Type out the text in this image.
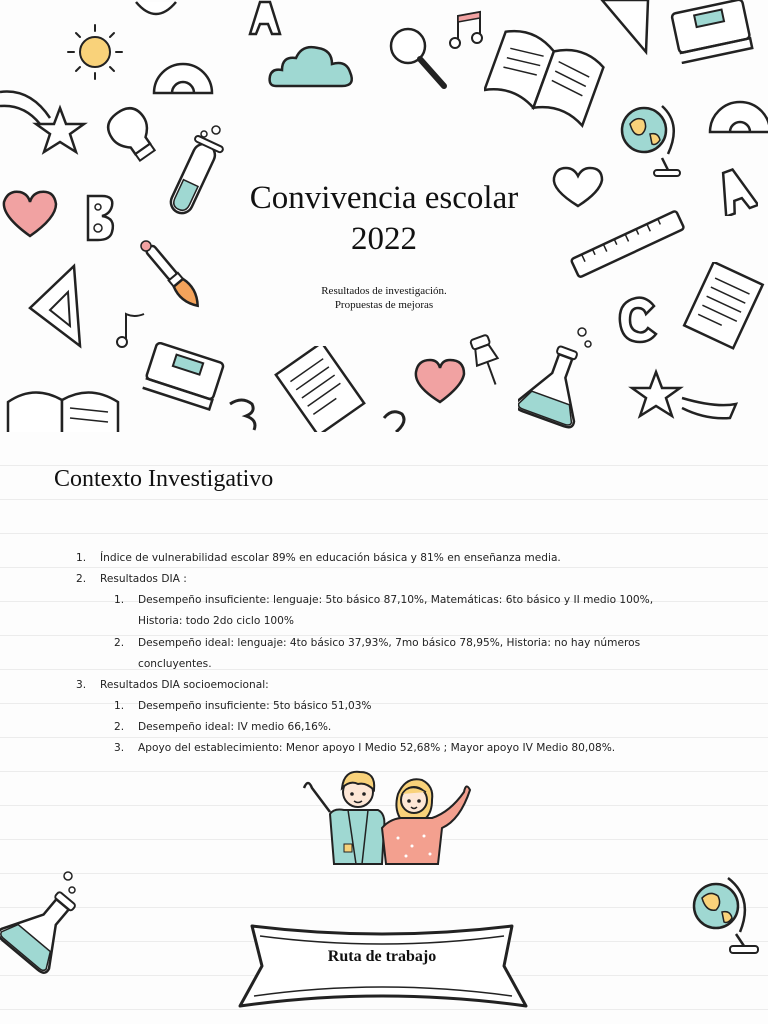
Convivencia escolar
2022
Resultados de investigación.
Propuestas de mejoras
Contexto Investigativo
1. Índice de vulnerabilidad escolar 89% en educación básica y 81% en enseñanza media.
2. Resultados DIA :
1. Desempeño insuficiente: lenguaje: 5to básico 87,10%, Matemáticas: 6to básico y II medio 100%,
Historia: todo 2do ciclo 100%
2. Desempeño ideal: lenguaje: 4to básico 37,93%, 7mo básico 78,95%, Historia: no hay números
concluyentes.
3. Resultados DIA socioemocional:
1. Desempeño insuficiente: 5to básico 51,03%
2. Desempeño ideal: IV medio 66,16%.
3. Apoyo del establecimiento: Menor apoyo I Medio 52,68% ; Mayor apoyo IV Medio 80,08%.
Ruta de trabajo
